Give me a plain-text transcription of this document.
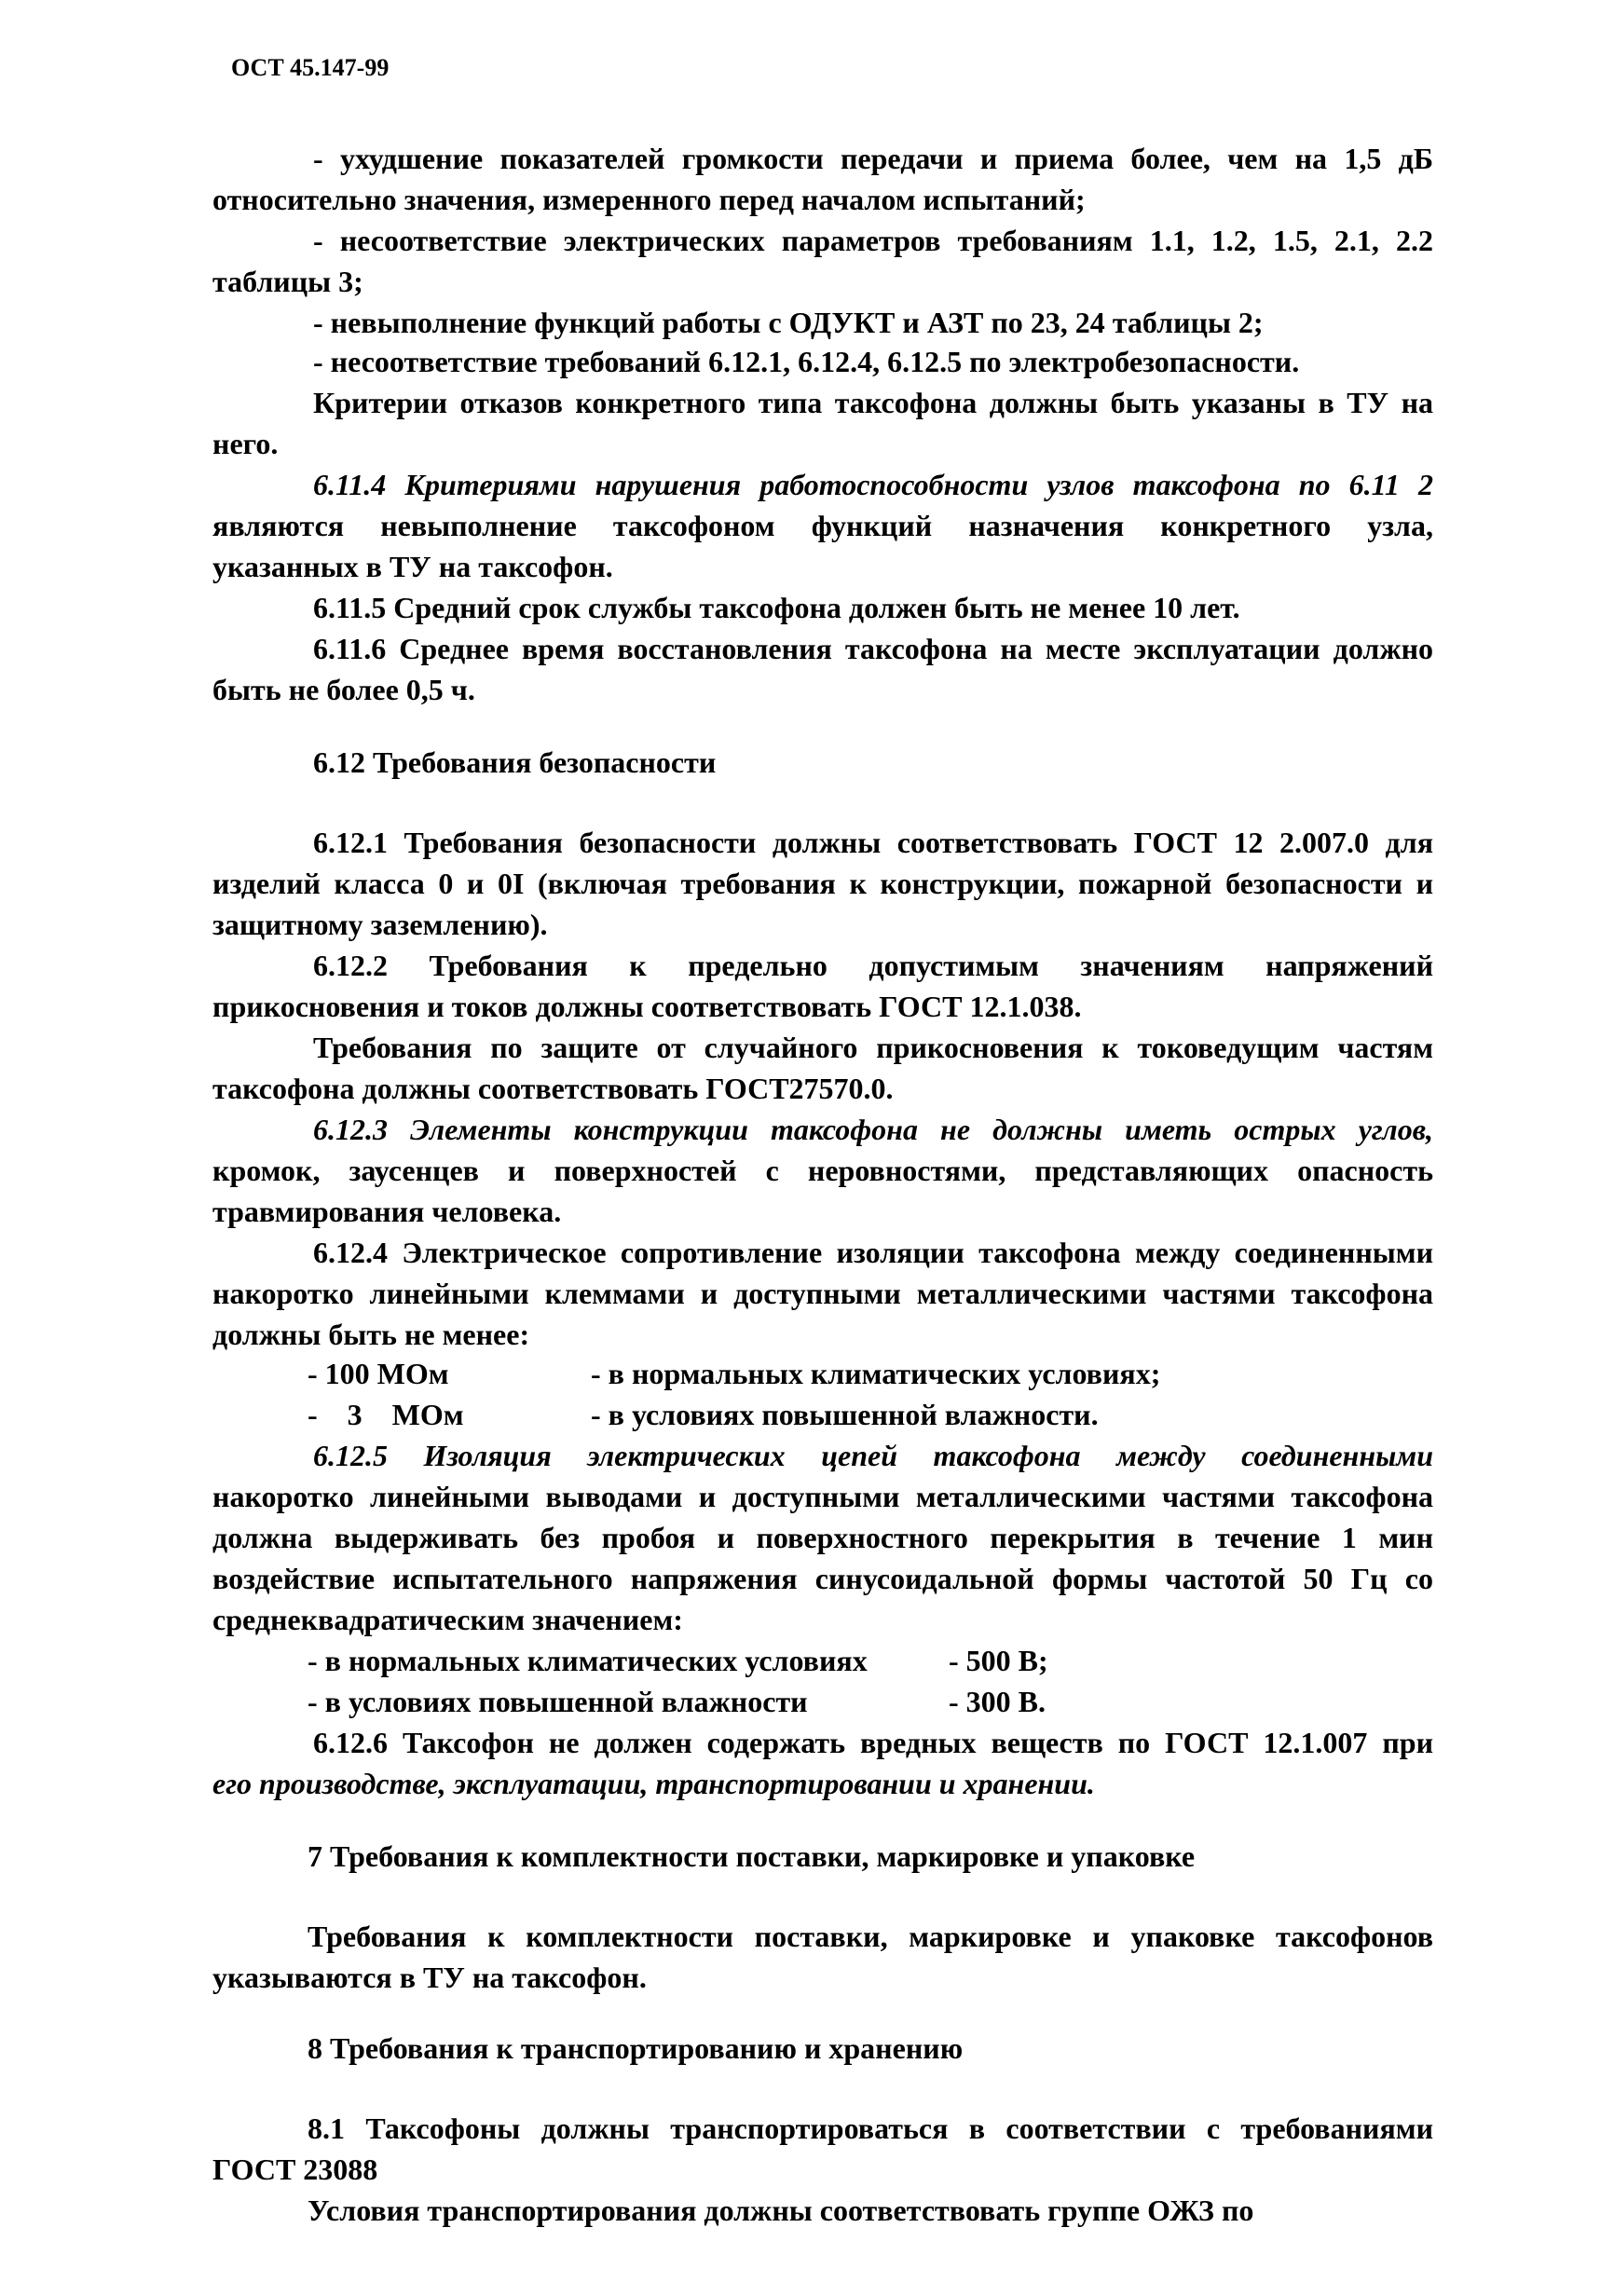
ОСТ 45.147-99
- ухудшение показателей громкости передачи и приема более, чем на 1,5 дБ
относительно значения, измеренного перед началом испытаний;
- несоответствие электрических параметров требованиям 1.1, 1.2, 1.5, 2.1, 2.2
таблицы 3;
- невыполнение функций работы с ОДУКТ и АЗТ по 23, 24 таблицы 2;
- несоответствие требований 6.12.1, 6.12.4, 6.12.5 по электробезопасности.
Критерии отказов конкретного типа таксофона должны быть указаны в ТУ на
него.
6.11.4 Критериями нарушения работоспособности узлов таксофона по 6.11 2
являются невыполнение таксофоном функций назначения конкретного узла,
указанных в ТУ на таксофон.
6.11.5 Средний срок службы таксофона должен быть не менее 10 лет.
6.11.6 Среднее время восстановления таксофона на месте эксплуатации должно
быть не более 0,5 ч.
6.12 Требования безопасности
6.12.1 Требования безопасности должны соответствовать ГОСТ 12 2.007.0 для
изделий класса 0 и 0I (включая требования к конструкции, пожарной безопасности и
защитному заземлению).
6.12.2 Требования к предельно допустимым значениям напряжений
прикосновения и токов должны соответствовать ГОСТ 12.1.038.
Требования по защите от случайного прикосновения к токоведущим частям
таксофона должны соответствовать ГОСТ27570.0.
6.12.3 Элементы конструкции таксофона не должны иметь острых углов,
кромок, заусенцев и поверхностей с неровностями, представляющих опасность
травмирования человека.
6.12.4 Электрическое сопротивление изоляции таксофона между соединенными
накоротко линейными клеммами и доступными металлическими частями таксофона
должны быть не менее:
- 100 МОм	- в нормальных климатических условиях;
- 3 МОм	- в условиях повышенной влажности.
6.12.5 Изоляция электрических цепей таксофона между соединенными
накоротко линейными выводами и доступными металлическими частями таксофона
должна выдерживать без пробоя и поверхностного перекрытия в течение 1 мин
воздействие испытательного напряжения синусоидальной формы частотой 50 Гц со
среднеквадратическим значением:
- в нормальных климатических условиях	- 500 В;
- в условиях повышенной влажности	- 300 В.
6.12.6 Таксофон не должен содержать вредных веществ по ГОСТ 12.1.007 при
его производстве, эксплуатации, транспортировании и хранении.
7 Требования к комплектности поставки, маркировке и упаковке
Требования к комплектности поставки, маркировке и упаковке таксофонов
указываются в ТУ на таксофон.
8 Требования к транспортированию и хранению
8.1 Таксофоны должны транспортироваться в соответствии с требованиями
ГОСТ 23088
Условия транспортирования должны соответствовать группе ОЖЗ по
